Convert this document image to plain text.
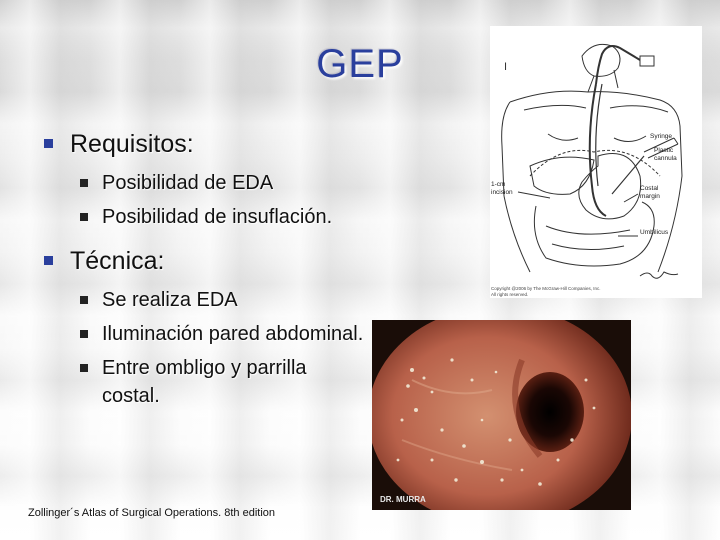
GEP
Requisitos:
Posibilidad de EDA
Posibilidad de insuflación.
Técnica:
Se realiza EDA
Iluminación pared abdominal.
Entre ombligo y parrilla costal.
Zollinger´s Atlas of Surgical Operations. 8th edition
I
Syringe
Plastic
cannula
1-cm
incision
Costal
margin
Umbilicus
Copyright @2006 by The McGraw-Hill Companies, Inc.
All rights reserved.
DR. MURRA
